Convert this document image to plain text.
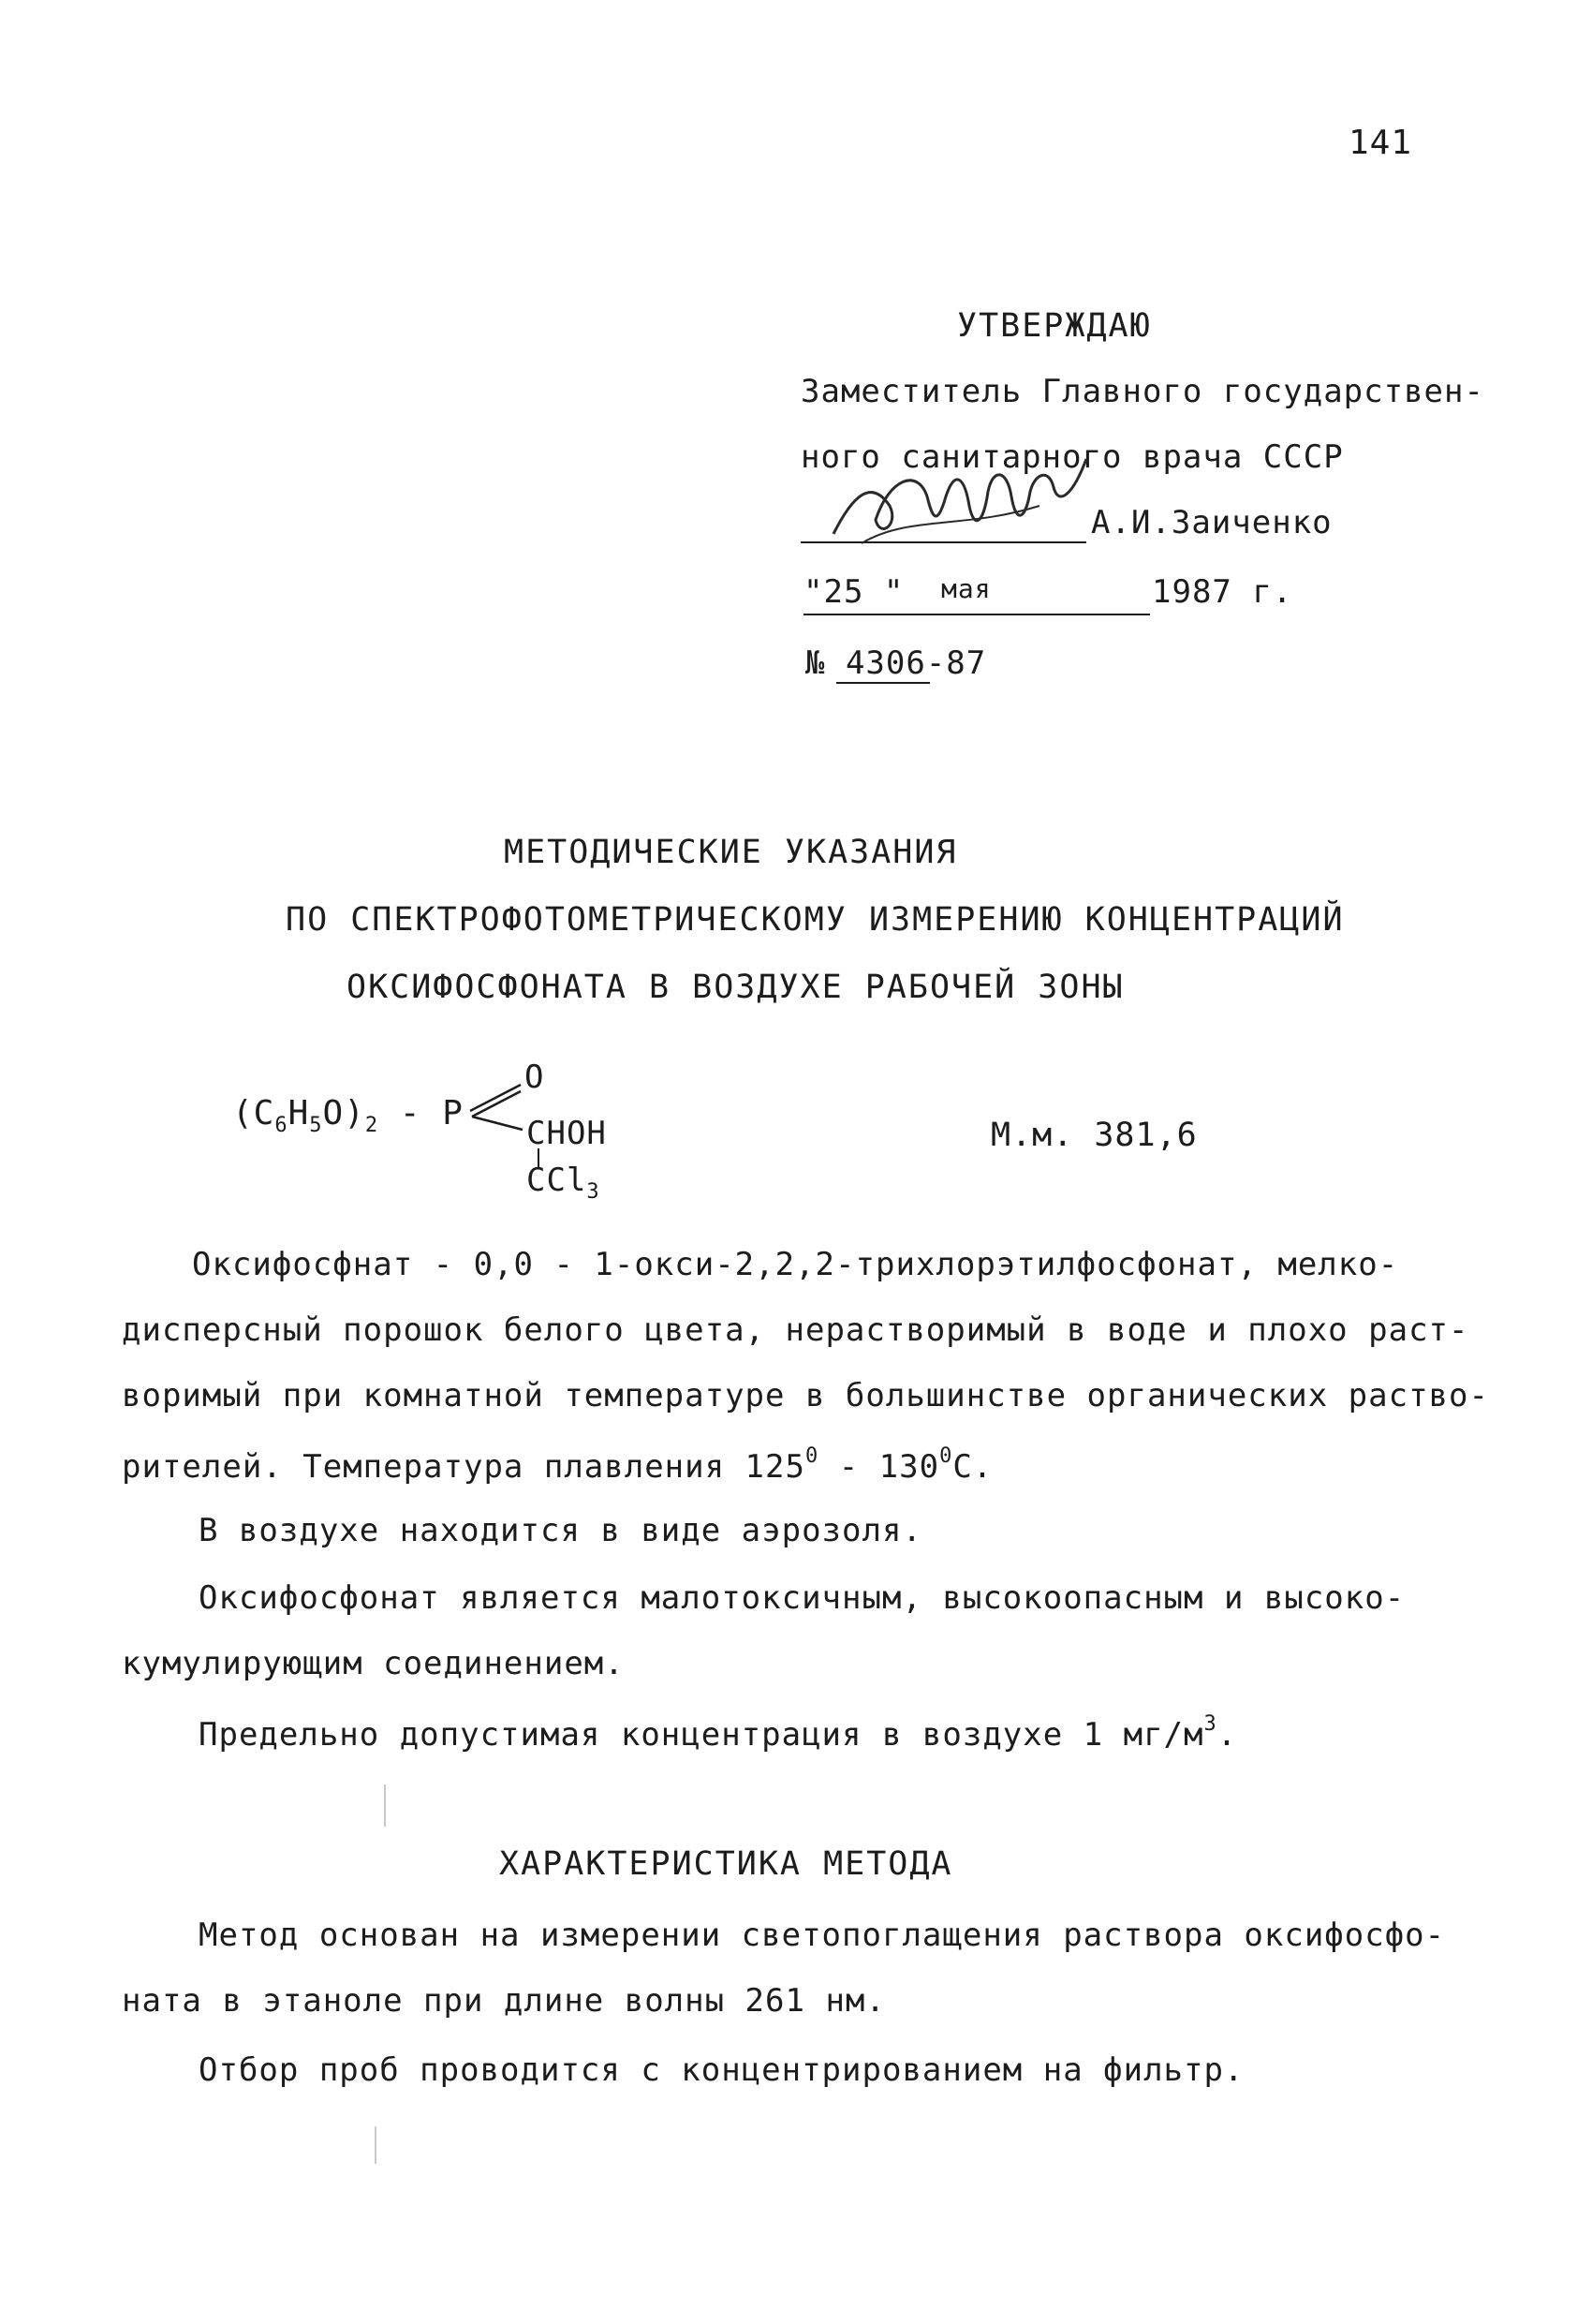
141
УТВЕРЖДАЮ
Заместитель Главного государствен-
ного санитарного врача СССР
А.И.Заиченко
"25 " мая	1987 г.
№ 4306-87
МЕТОДИЧЕСКИЕ УКАЗАНИЯ
ПО СПЕКТРОФОТОМЕТРИЧЕСКОМУ ИЗМЕРЕНИЮ КОНЦЕНТРАЦИЙ
ОКСИФОСФОНАТА В ВОЗДУХЕ РАБОЧЕЙ ЗОНЫ
$(C_6H_5O)_2$ - P
O
CHOH
CCl$_3$
М.м. 381,6
Оксифосфнат - 0,0 - 1-окси-2,2,2-трихлорэтилфосфонат, мелко-
дисперсный порошок белого цвета, нерастворимый в воде и плохо раст-
воримый при комнатной температуре в большинстве органических раство-
рителей. Температура плавления $125^0 - 130^0С$.
В воздухе находится в виде аэрозоля.
Оксифосфонат является малотоксичным, высокоопасным и высоко-
кумулирующим соединением.
Предельно допустимая концентрация в воздухе 1 $мг/м^3$.
ХАРАКТЕРИСТИКА МЕТОДА
Метод основан на измерении светопоглащения раствора оксифосфо-
ната в этаноле при длине волны 261 нм.
Отбор проб проводится с концентрированием на фильтр.
